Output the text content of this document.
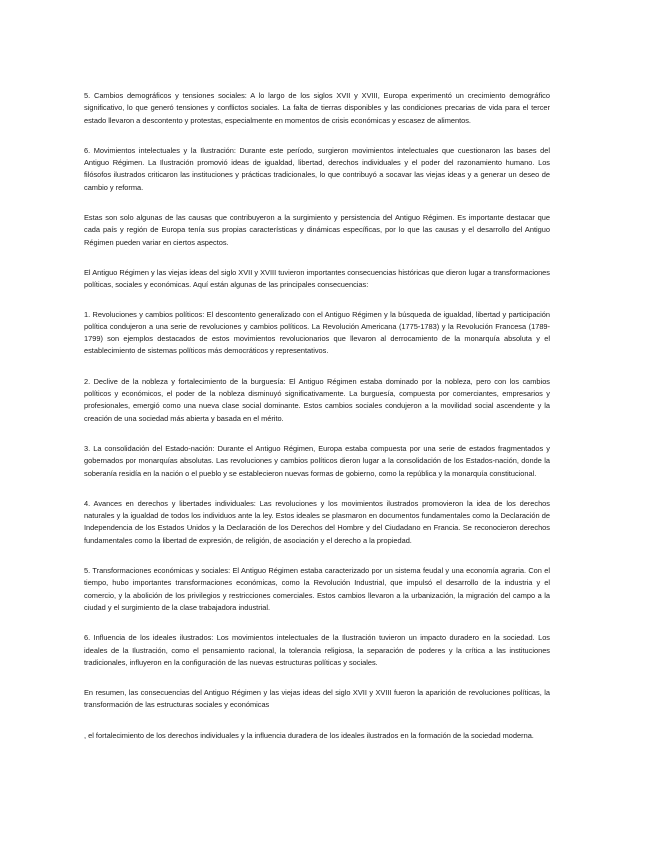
5. Cambios demográficos y tensiones sociales: A lo largo de los siglos XVII y XVIII, Europa experimentó un crecimiento demográfico significativo, lo que generó tensiones y conflictos sociales. La falta de tierras disponibles y las condiciones precarias de vida para el tercer estado llevaron a descontento y protestas, especialmente en momentos de crisis económicas y escasez de alimentos.

6. Movimientos intelectuales y la Ilustración: Durante este período, surgieron movimientos intelectuales que cuestionaron las bases del Antiguo Régimen. La Ilustración promovió ideas de igualdad, libertad, derechos individuales y el poder del razonamiento humano. Los filósofos ilustrados criticaron las instituciones y prácticas tradicionales, lo que contribuyó a socavar las viejas ideas y a generar un deseo de cambio y reforma.

Estas son solo algunas de las causas que contribuyeron a la surgimiento y persistencia del Antiguo Régimen. Es importante destacar que cada país y región de Europa tenía sus propias características y dinámicas específicas, por lo que las causas y el desarrollo del Antiguo Régimen pueden variar en ciertos aspectos.

El Antiguo Régimen y las viejas ideas del siglo XVII y XVIII tuvieron importantes consecuencias históricas que dieron lugar a transformaciones políticas, sociales y económicas. Aquí están algunas de las principales consecuencias:

1. Revoluciones y cambios políticos: El descontento generalizado con el Antiguo Régimen y la búsqueda de igualdad, libertad y participación política condujeron a una serie de revoluciones y cambios políticos. La Revolución Americana (1775-1783) y la Revolución Francesa (1789-1799) son ejemplos destacados de estos movimientos revolucionarios que llevaron al derrocamiento de la monarquía absoluta y el establecimiento de sistemas políticos más democráticos y representativos.

2. Declive de la nobleza y fortalecimiento de la burguesía: El Antiguo Régimen estaba dominado por la nobleza, pero con los cambios políticos y económicos, el poder de la nobleza disminuyó significativamente. La burguesía, compuesta por comerciantes, empresarios y profesionales, emergió como una nueva clase social dominante. Estos cambios sociales condujeron a la movilidad social ascendente y la creación de una sociedad más abierta y basada en el mérito.

3. La consolidación del Estado-nación: Durante el Antiguo Régimen, Europa estaba compuesta por una serie de estados fragmentados y gobernados por monarquías absolutas. Las revoluciones y cambios políticos dieron lugar a la consolidación de los Estados-nación, donde la soberanía residía en la nación o el pueblo y se establecieron nuevas formas de gobierno, como la república y la monarquía constitucional.

4. Avances en derechos y libertades individuales: Las revoluciones y los movimientos ilustrados promovieron la idea de los derechos naturales y la igualdad de todos los individuos ante la ley. Estos ideales se plasmaron en documentos fundamentales como la Declaración de Independencia de los Estados Unidos y la Declaración de los Derechos del Hombre y del Ciudadano en Francia. Se reconocieron derechos fundamentales como la libertad de expresión, de religión, de asociación y el derecho a la propiedad.

5. Transformaciones económicas y sociales: El Antiguo Régimen estaba caracterizado por un sistema feudal y una economía agraria. Con el tiempo, hubo importantes transformaciones económicas, como la Revolución Industrial, que impulsó el desarrollo de la industria y el comercio, y la abolición de los privilegios y restricciones comerciales. Estos cambios llevaron a la urbanización, la migración del campo a la ciudad y el surgimiento de la clase trabajadora industrial.

6. Influencia de los ideales ilustrados: Los movimientos intelectuales de la Ilustración tuvieron un impacto duradero en la sociedad. Los ideales de la Ilustración, como el pensamiento racional, la tolerancia religiosa, la separación de poderes y la crítica a las instituciones tradicionales, influyeron en la configuración de las nuevas estructuras políticas y sociales.

En resumen, las consecuencias del Antiguo Régimen y las viejas ideas del siglo XVII y XVIII fueron la aparición de revoluciones políticas, la transformación de las estructuras sociales y económicas

, el fortalecimiento de los derechos individuales y la influencia duradera de los ideales ilustrados en la formación de la sociedad moderna.
